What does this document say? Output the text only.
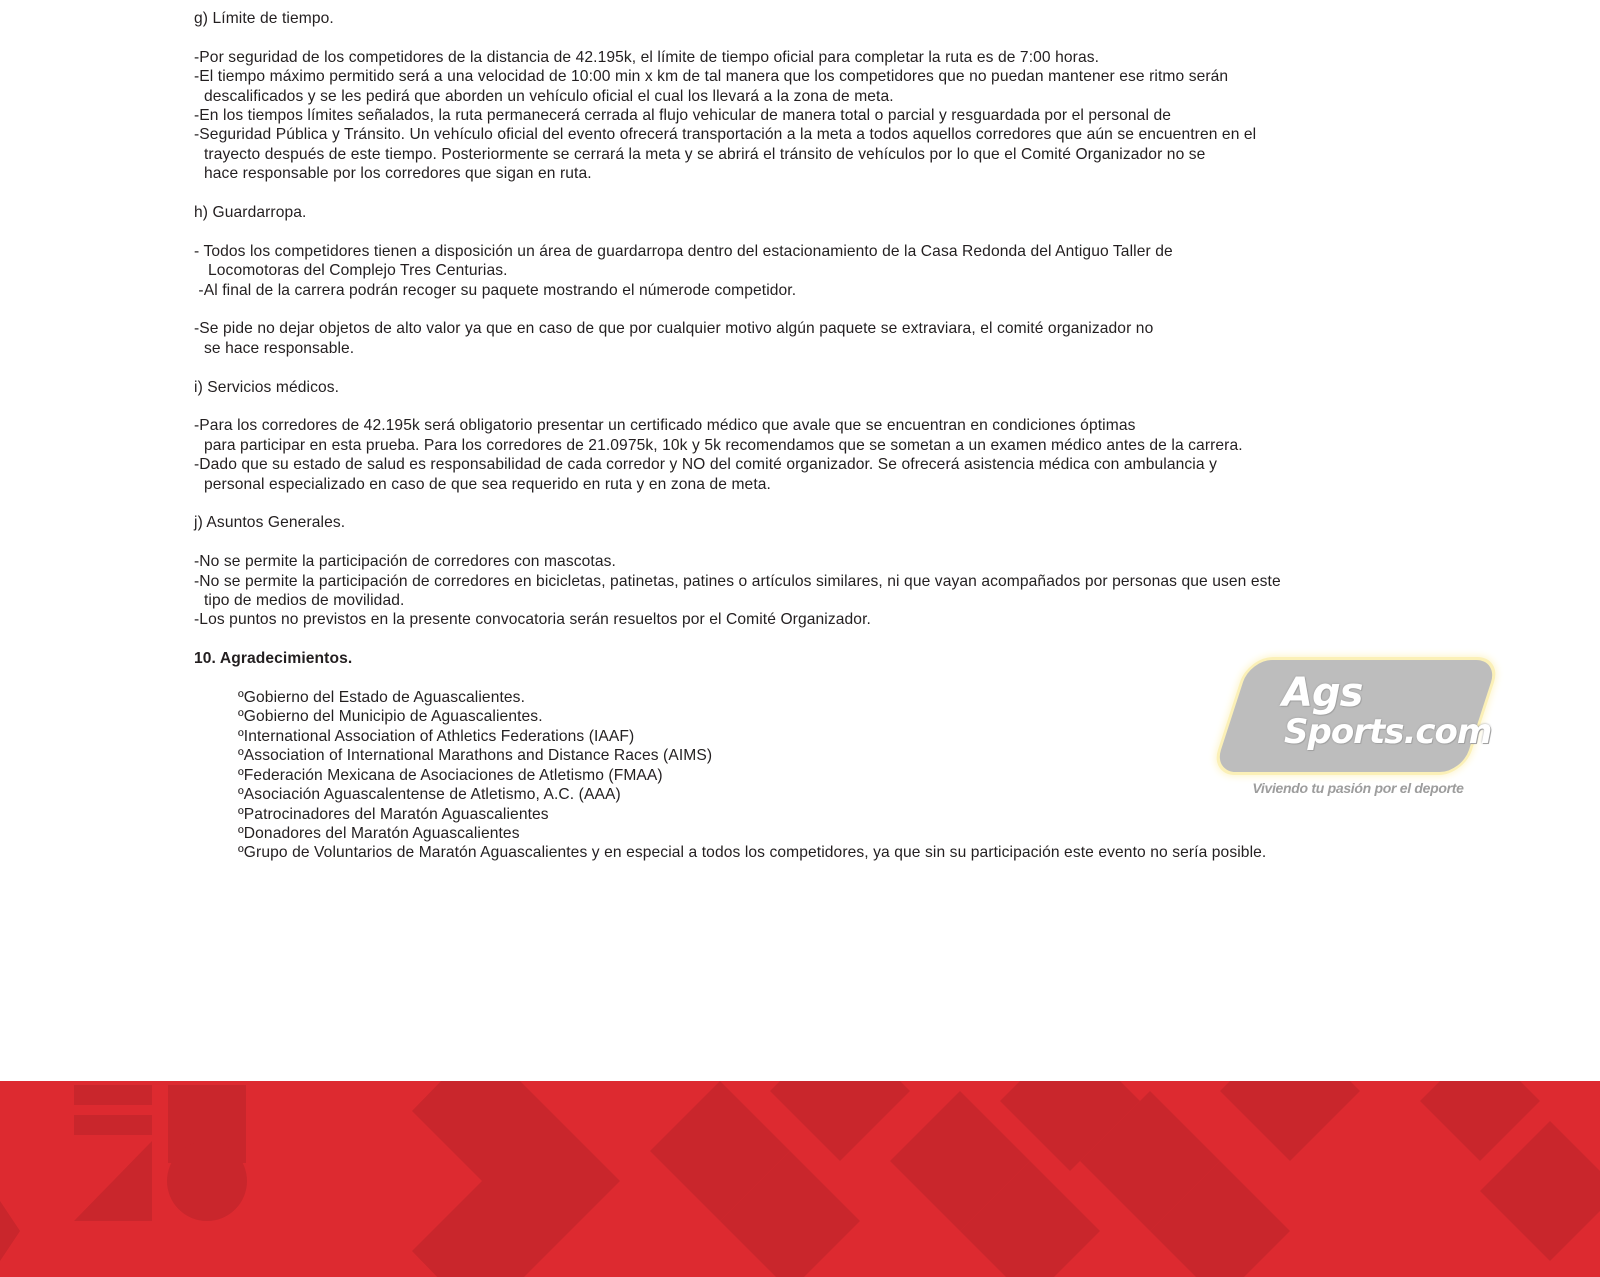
g) Límite de tiempo.
-Por seguridad de los competidores de la distancia de 42.195k, el límite de tiempo oficial para completar la ruta es de 7:00 horas.
-El tiempo máximo permitido será a una velocidad de 10:00 min x km de tal manera que los competidores que no puedan mantener ese ritmo serán
descalificados y se les pedirá que aborden un vehículo oficial el cual los llevará a la zona de meta.
-En los tiempos límites señalados, la ruta permanecerá cerrada al flujo vehicular de manera total o parcial y resguardada por el personal de
-Seguridad Pública y Tránsito. Un vehículo oficial del evento ofrecerá transportación a la meta a todos aquellos corredores que aún se encuentren en el
trayecto después de este tiempo. Posteriormente se cerrará la meta y se abrirá el tránsito de vehículos por lo que el Comité Organizador no se
hace responsable por los corredores que sigan en ruta.
h) Guardarropa.
- Todos los competidores tienen a disposición un área de guardarropa dentro del estacionamiento de la Casa Redonda del Antiguo Taller de
Locomotoras del Complejo Tres Centurias.
-Al final de la carrera podrán recoger su paquete mostrando el númerode competidor.
-Se pide no dejar objetos de alto valor ya que en caso de que por cualquier motivo algún paquete se extraviara, el comité organizador no
se hace responsable.
i) Servicios médicos.
-Para los corredores de 42.195k será obligatorio presentar un certificado médico que avale que se encuentran en condiciones óptimas
para participar en esta prueba. Para los corredores de 21.0975k, 10k y 5k recomendamos que se sometan a un examen médico antes de la carrera.
-Dado que su estado de salud es responsabilidad de cada corredor y NO del comité organizador. Se ofrecerá asistencia médica con ambulancia y
personal especializado en caso de que sea requerido en ruta y en zona de meta.
j) Asuntos Generales.
-No se permite la participación de corredores con mascotas.
-No se permite la participación de corredores en bicicletas, patinetas, patines o artículos similares, ni que vayan acompañados por personas que usen este
tipo de medios de movilidad.
-Los puntos no previstos en la presente convocatoria serán resueltos por el Comité Organizador.
10. Agradecimientos.
ºGobierno del Estado de Aguascalientes.
ºGobierno del Municipio de Aguascalientes.
ºInternational Association of Athletics Federations (IAAF)
ºAssociation of International Marathons and Distance Races (AIMS)
ºFederación Mexicana de Asociaciones de Atletismo (FMAA)
ºAsociación Aguascalentense de Atletismo, A.C. (AAA)
ºPatrocinadores del Maratón Aguascalientes
ºDonadores del Maratón Aguascalientes
ºGrupo de Voluntarios de Maratón Aguascalientes y en especial a todos los competidores, ya que sin su participación este evento no sería posible.
Ags
Sports.com
Viviendo tu pasión por el deporte
